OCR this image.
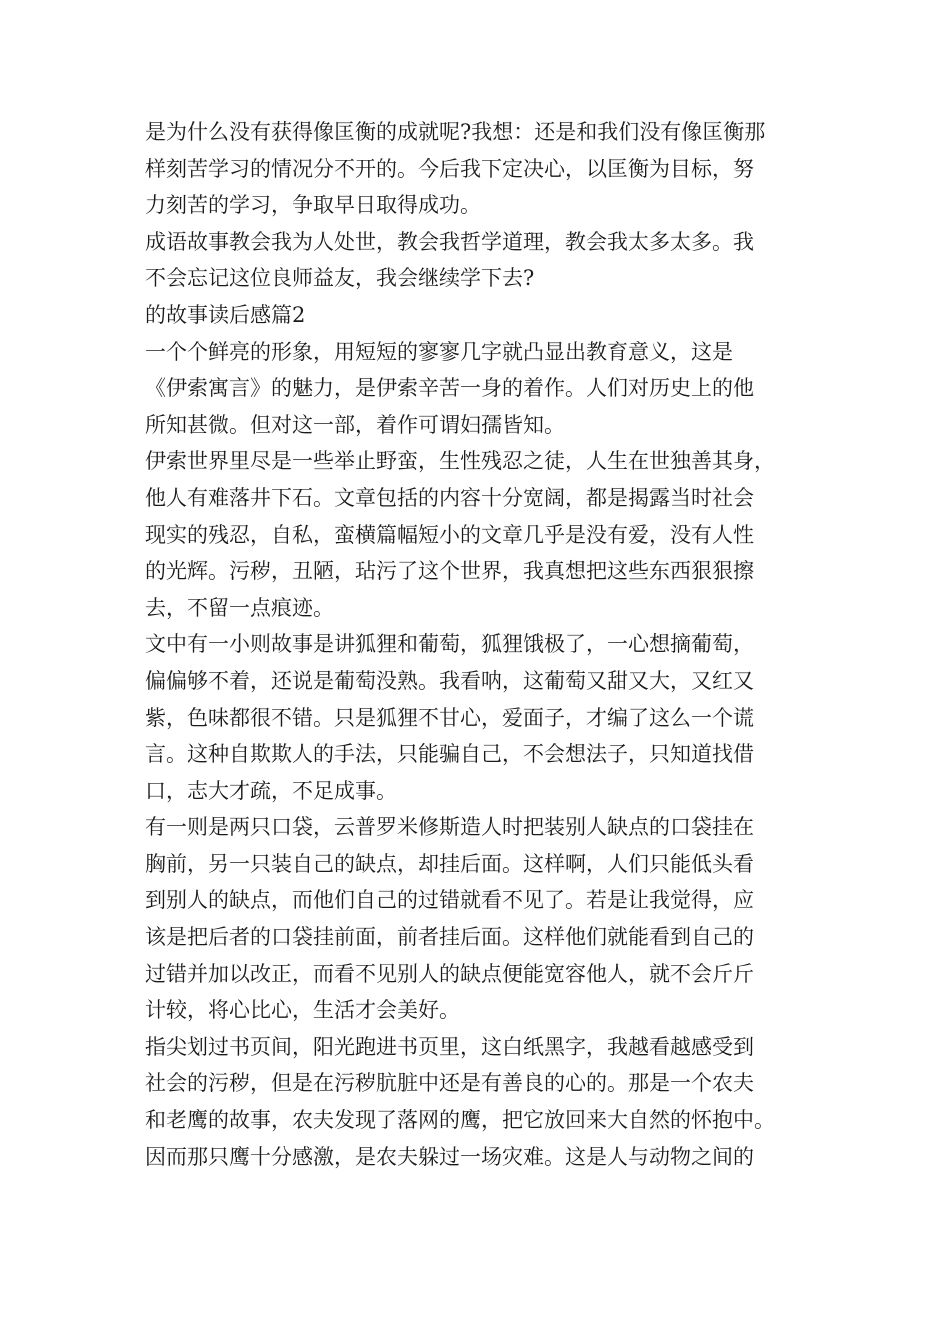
是为什么没有获得像匡衡的成就呢?我想：还是和我们没有像匡衡那
样刻苦学习的情况分不开的。今后我下定决心，以匡衡为目标，努
力刻苦的学习，争取早日取得成功。
成语故事教会我为人处世，教会我哲学道理，教会我太多太多。我
不会忘记这位良师益友，我会继续学下去?
的故事读后感篇2
一个个鲜亮的形象，用短短的寥寥几字就凸显出教育意义，这是
《伊索寓言》的魅力，是伊索辛苦一身的着作。人们对历史上的他
所知甚微。但对这一部，着作可谓妇孺皆知。
伊索世界里尽是一些举止野蛮，生性残忍之徒，人生在世独善其身，
他人有难落井下石。文章包括的内容十分宽阔，都是揭露当时社会
现实的残忍，自私，蛮横篇幅短小的文章几乎是没有爱，没有人性
的光辉。污秽，丑陋，玷污了这个世界，我真想把这些东西狠狠擦
去，不留一点痕迹。
文中有一小则故事是讲狐狸和葡萄，狐狸饿极了，一心想摘葡萄，
偏偏够不着，还说是葡萄没熟。我看呐，这葡萄又甜又大，又红又
紫，色味都很不错。只是狐狸不甘心，爱面子，才编了这么一个谎
言。这种自欺欺人的手法，只能骗自己，不会想法子，只知道找借
口，志大才疏，不足成事。
有一则是两只口袋，云普罗米修斯造人时把装别人缺点的口袋挂在
胸前，另一只装自己的缺点，却挂后面。这样啊，人们只能低头看
到别人的缺点，而他们自己的过错就看不见了。若是让我觉得，应
该是把后者的口袋挂前面，前者挂后面。这样他们就能看到自己的
过错并加以改正，而看不见别人的缺点便能宽容他人，就不会斤斤
计较，将心比心，生活才会美好。
指尖划过书页间，阳光跑进书页里，这白纸黑字，我越看越感受到
社会的污秽，但是在污秽肮脏中还是有善良的心的。那是一个农夫
和老鹰的故事，农夫发现了落网的鹰，把它放回来大自然的怀抱中。
因而那只鹰十分感激，是农夫躲过一场灾难。这是人与动物之间的
